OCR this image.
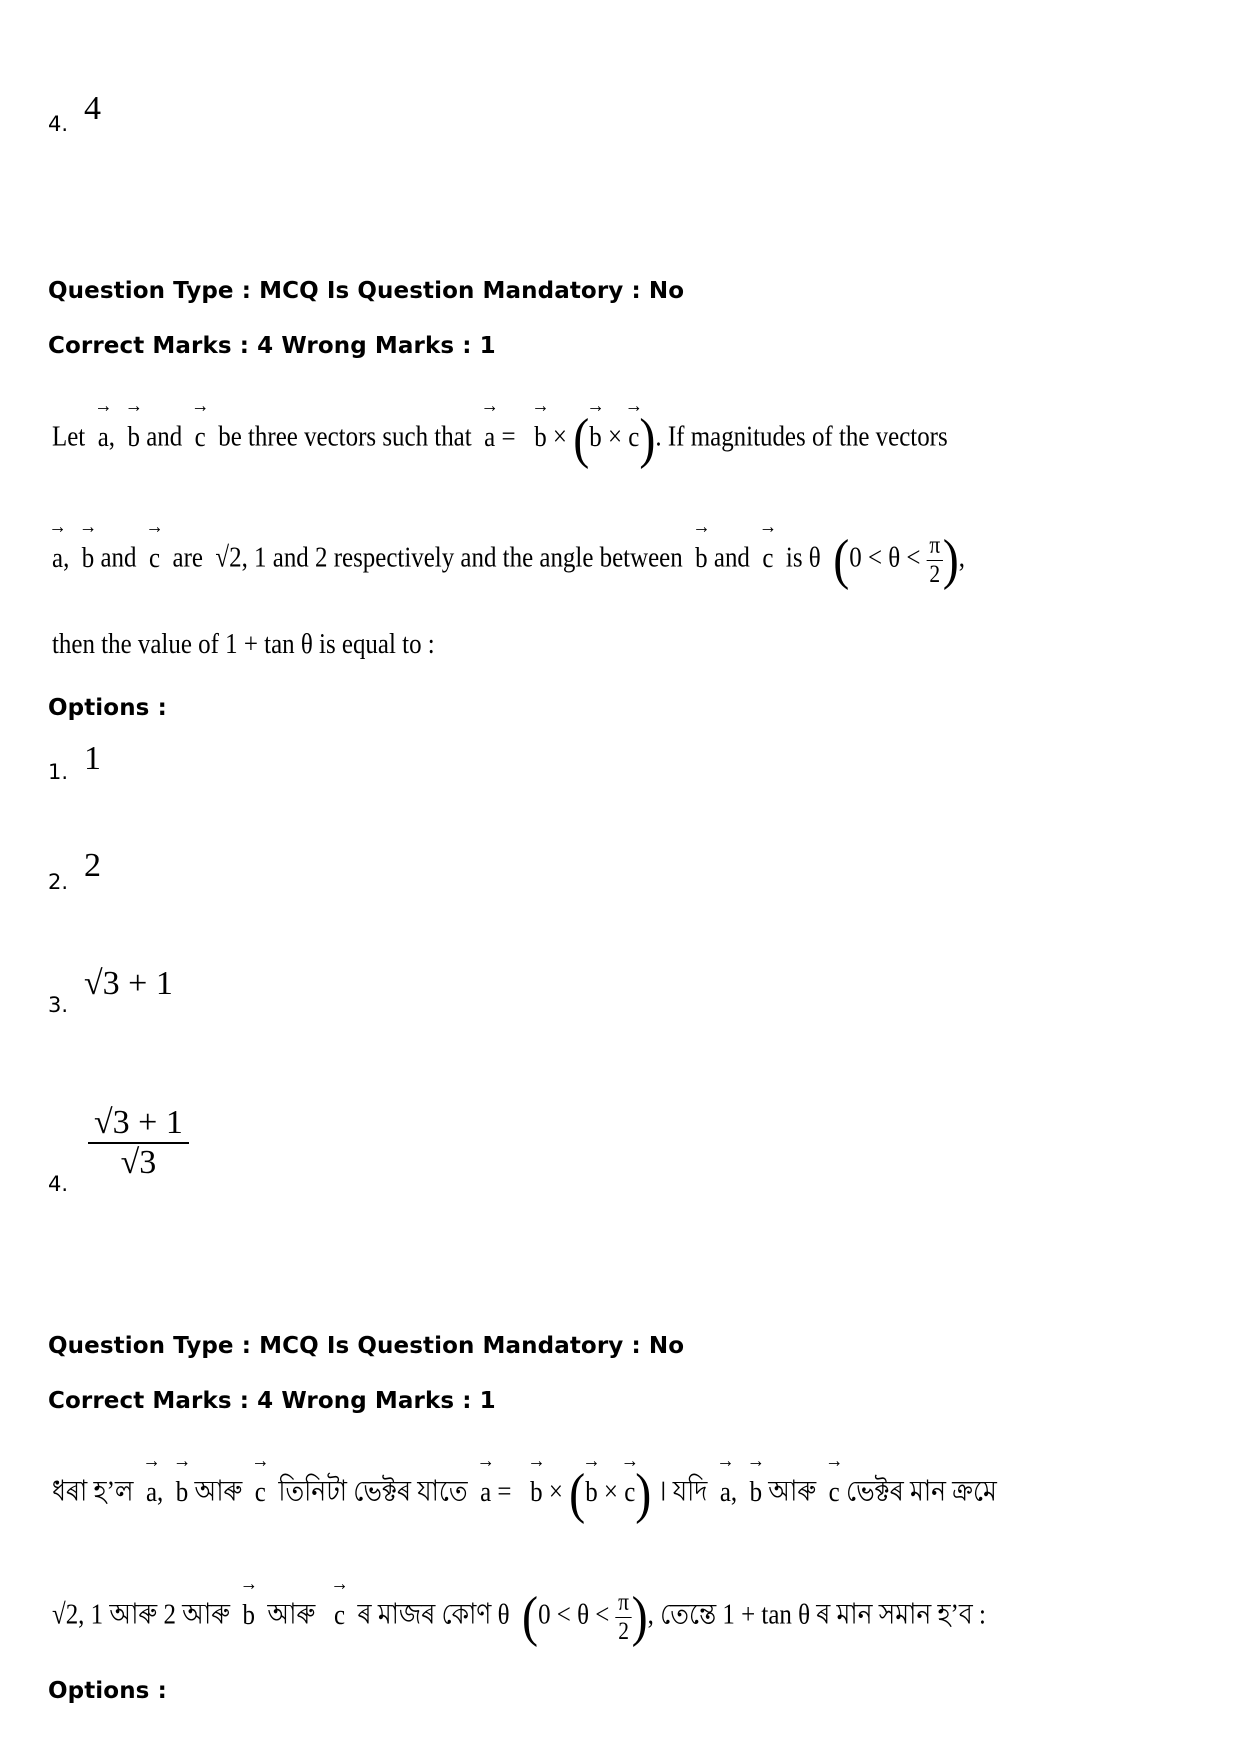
4. 4
Question Type : MCQ Is Question Mandatory : No
Correct Marks : 4 Wrong Marks : 1
Let → a, → b and → c be three vectors such that → a = → b × (→ b × → c). If magnitudes of the vectors
→ a, → b and → c are √2, 1 and 2 respectively and the angle between → b and → c is θ ($0 < \theta < \frac{\pi}{2}$ ),
then the value of 1 + tan θ is equal to :
Options :
1. 1
2. 2
3.
√3 + 1
4.
$\frac{√3 + 1}{√3}$
Question Type : MCQ Is Question Mandatory : No
Correct Marks : 4 Wrong Marks : 1
ধৰা হ’ল → a, → b আৰু → c তিনিটা ভেক্টৰ যাতে → a = → b × (→ b × → c) । যদি → a, → b আৰু → c ভেক্টৰ মান ক্ৰমে
√2, 1 আৰু 2 আৰু → b আৰু → c ৰ মাজৰ কোণ θ ($0 < \theta < \frac{\pi}{2}$ ), তেন্তে 1 + tan θ ৰ মান সমান হ’ব :
Options :
